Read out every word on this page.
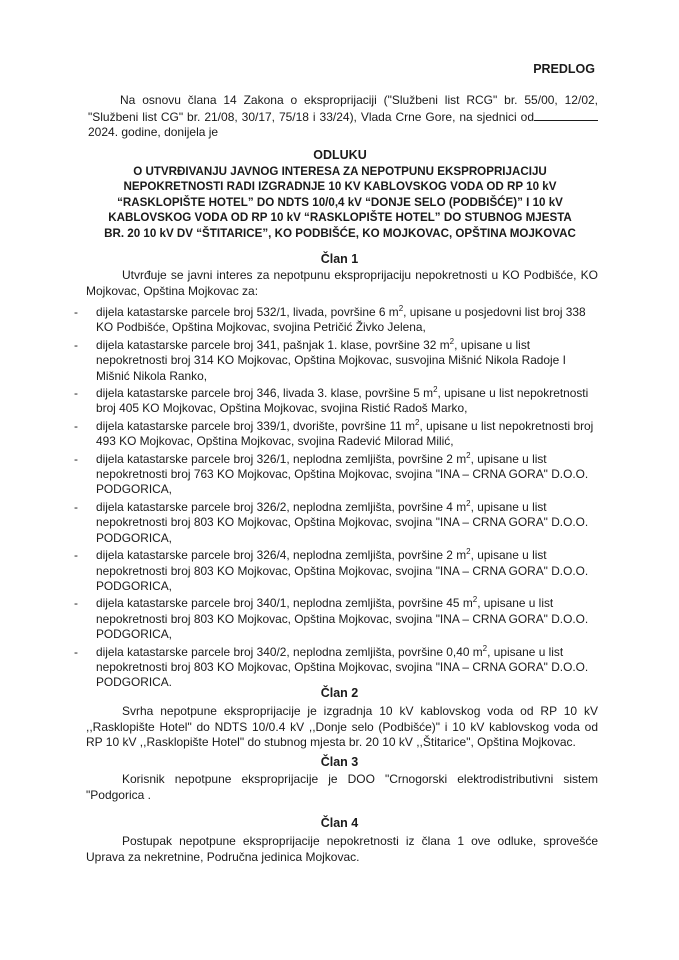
PREDLOG
Na osnovu člana 14 Zakona o eksproprijaciji ("Službeni list RCG" br. 55/00, 12/02, "Službeni list CG" br. 21/08, 30/17, 75/18 i 33/24), Vlada Crne Gore, na sjednici od2024. godine, donijela je
ODLUKU
O UTVRĐIVANJU JAVNOG INTERESA ZA NEPOTPUNU EKSPROPRIJACIJU
NEPOKRETNOSTI RADI IZGRADNJE 10 KV KABLOVSKOG VODA OD RP 10 kV
“RASKLOPIŠTE HOTEL” DO NDTS 10/0,4 kV “DONJE SELO (PODBIŠĆE)” I 10 kV
KABLOVSKOG VODA OD RP 10 kV “RASKLOPIŠTE HOTEL” DO STUBNOG MJESTA
BR. 20 10 kV DV “ŠTITARICE”, KO PODBIŠĆE, KO MOJKOVAC, OPŠTINA MOJKOVAC
Član 1
Utvrđuje se javni interes za nepotpunu eksproprijaciju nepokretnosti u KO Podbišće, KO Mojkovac, Opština Mojkovac za:
- dijela katastarske parcele broj 532/1, livada, površine 6 $m^2$, upisane u posjedovni list broj 338 KO Podbišće, Opština Mojkovac, svojina Petričić Živko Jelena,
- dijela katastarske parcele broj 341, pašnjak 1. klase, površine 32 $m^2$, upisane u list nepokretnosti broj 314 KO Mojkovac, Opština Mojkovac, susvojina Mišnić Nikola Radoje I Mišnić Nikola Ranko,
- dijela katastarske parcele broj 346, livada 3. klase, površine 5 $m^2$, upisane u list nepokretnosti broj 405 KO Mojkovac, Opština Mojkovac, svojina Ristić Radoš Marko,
- dijela katastarske parcele broj 339/1, dvorište, površine 11 $m^2$, upisane u list nepokretnosti broj 493 KO Mojkovac, Opština Mojkovac, svojina Radević Milorad Milić,
- dijela katastarske parcele broj 326/1, neplodna zemljišta, površine 2 $m^2$, upisane u list nepokretnosti broj 763 KO Mojkovac, Opština Mojkovac, svojina "INA – CRNA GORA" D.O.O. PODGORICA,
- dijela katastarske parcele broj 326/2, neplodna zemljišta, površine 4 $m^2$, upisane u list nepokretnosti broj 803 KO Mojkovac, Opština Mojkovac, svojina "INA – CRNA GORA" D.O.O. PODGORICA,
- dijela katastarske parcele broj 326/4, neplodna zemljišta, površine 2 $m^2$, upisane u list nepokretnosti broj 803 KO Mojkovac, Opština Mojkovac, svojina "INA – CRNA GORA" D.O.O. PODGORICA,
- dijela katastarske parcele broj 340/1, neplodna zemljišta, površine 45 $m^2$, upisane u list nepokretnosti broj 803 KO Mojkovac, Opština Mojkovac, svojina "INA – CRNA GORA" D.O.O. PODGORICA,
- dijela katastarske parcele broj 340/2, neplodna zemljišta, površine 0,40 $m^2$, upisane u list nepokretnosti broj 803 KO Mojkovac, Opština Mojkovac, svojina "INA – CRNA GORA" D.O.O. PODGORICA.
Član 2
Svrha nepotpune eksproprijacije je izgradnja 10 kV kablovskog voda od RP 10 kV ,,Rasklopište Hotel" do NDTS 10/0.4 kV ,,Donje selo (Podbišće)" i 10 kV kablovskog voda od RP 10 kV ,,Rasklopište Hotel" do stubnog mjesta br. 20 10 kV ,,Štitarice", Opština Mojkovac.
Član 3
Korisnik nepotpune eksproprijacije je DOO "Crnogorski elektrodistributivni sistem "Podgorica .
Član 4
Postupak nepotpune eksproprijacije nepokretnosti iz člana 1 ove odluke, sprovešće Uprava za nekretnine, Područna jedinica Mojkovac.
